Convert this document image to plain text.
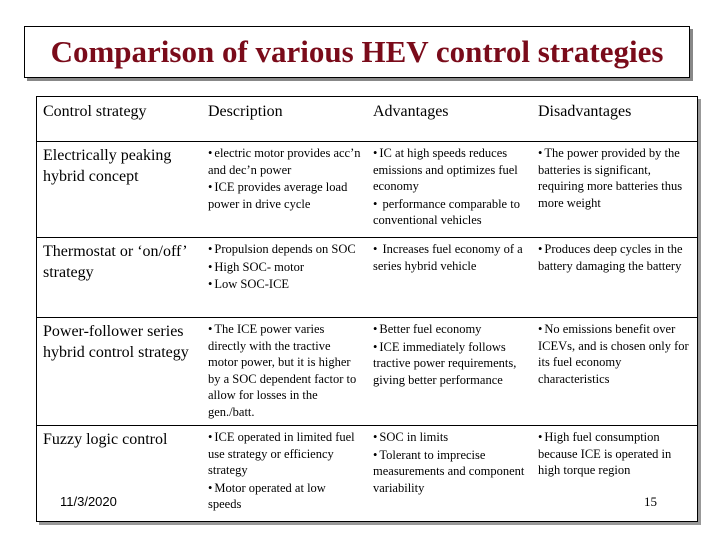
Comparison of various HEV control strategies
Control strategy	Description	Advantages	Disadvantages
Electrically peaking hybrid concept
• electric motor provides acc’n and dec’n power
• ICE provides average load power in drive cycle
• IC at high speeds reduces emissions and optimizes fuel economy
• performance comparable to conventional vehicles
• The power provided by the batteries is significant, requiring more batteries thus more weight
Thermostat or ‘on/off’ strategy
• Propulsion depends on SOC
• High SOC- motor
• Low SOC-ICE
• Increases fuel economy of a series hybrid vehicle
• Produces deep cycles in the battery damaging the battery
Power-follower series hybrid control strategy
• The ICE power varies directly with the tractive motor power, but it is higher by a SOC dependent factor to allow for losses in the gen./batt.
• Better fuel economy
• ICE immediately follows tractive power requirements, giving better performance
• No emissions benefit over ICEVs, and is chosen only for its fuel economy characteristics
Fuzzy logic control
•	ICE operated in limited fuel use strategy or efficiency strategy
• Motor operated at low speeds
• SOC in limits
• Tolerant to imprecise measurements and component variability
• High fuel consumption because ICE is operated in high torque region
11/3/2020	15
